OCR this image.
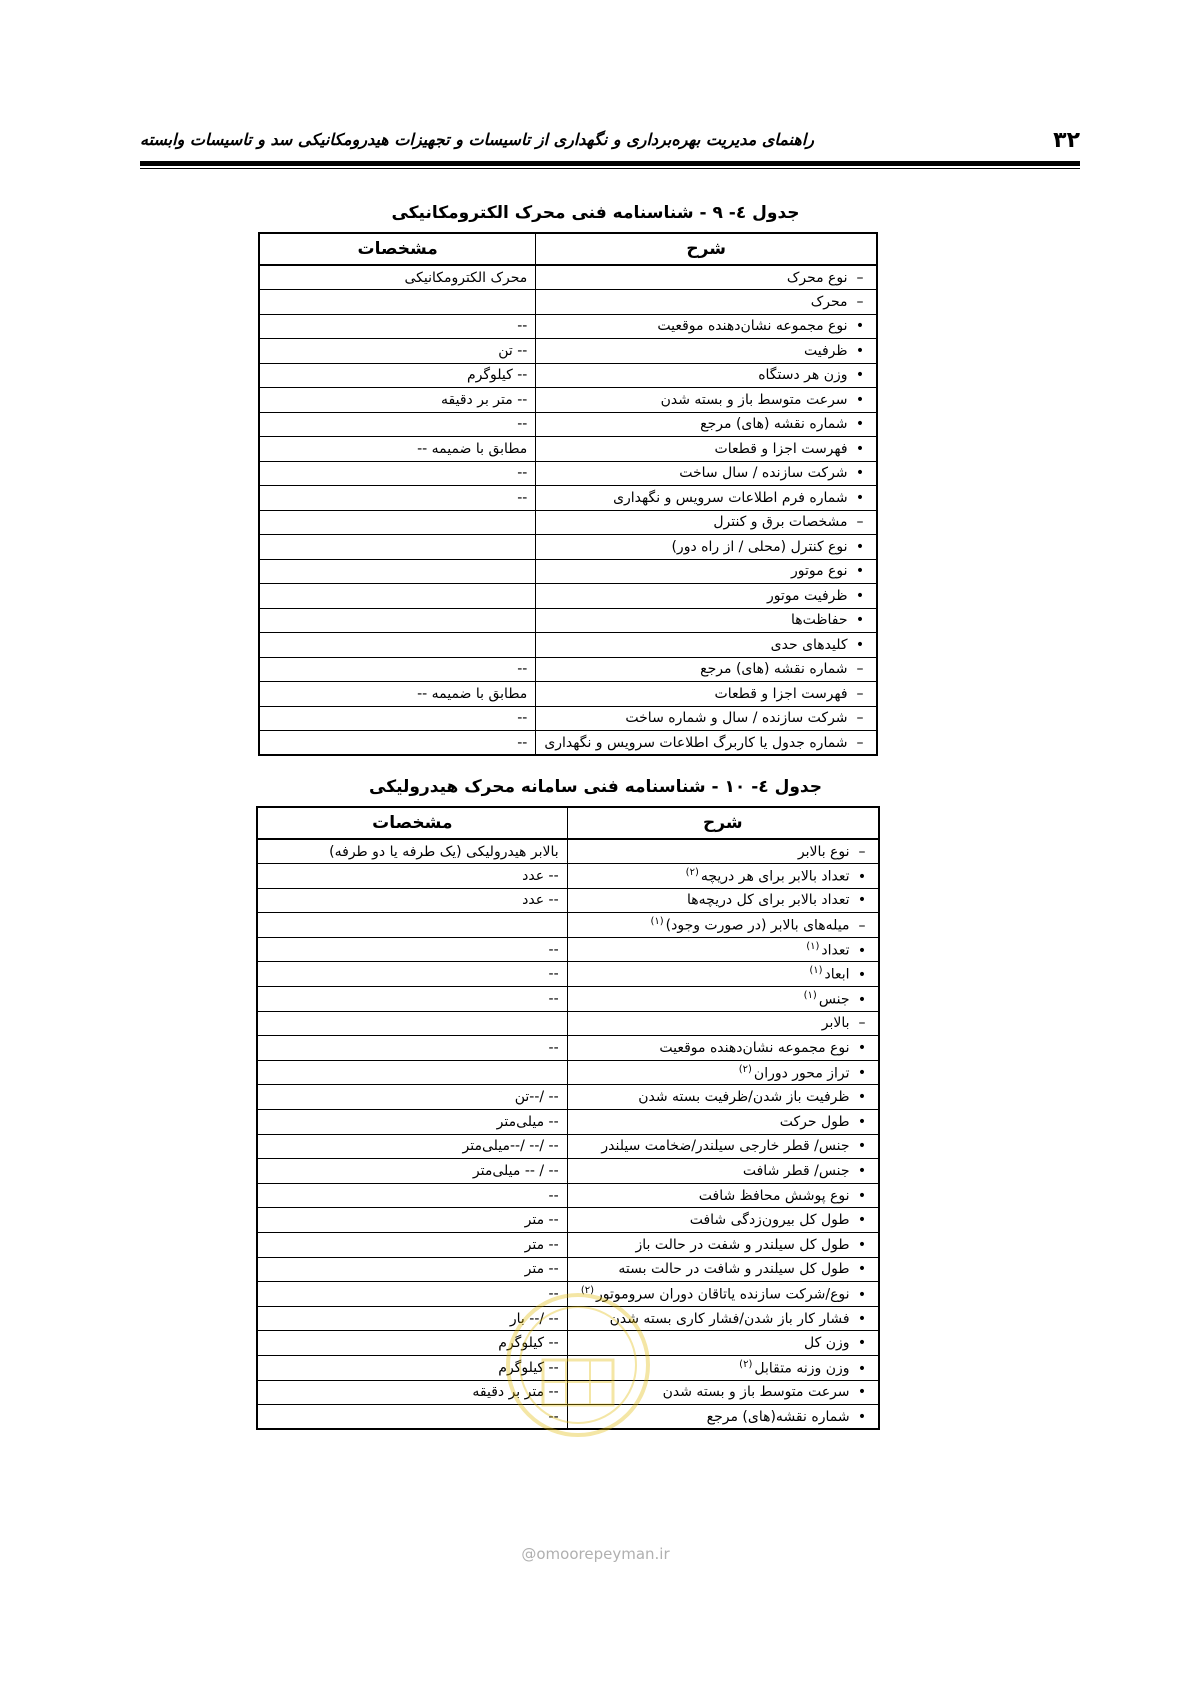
۳۲
راهنمای مدیریت بهره‌برداری و نگهداری از تاسیسات و تجهیزات هیدرومکانیکی سد و تاسیسات وابسته
جدول ٤- ٩ - شناسنامه فنی محرک الکترومکانیکی
شرح	مشخصات
– نوع محرک	محرک الکترومکانیکی
– محرک	
• نوع مجموعه نشان‌دهنده موقعیت	--
• ظرفیت	-- تن
• وزن هر دستگاه	-- کیلوگرم
• سرعت متوسط باز و بسته شدن	-- متر بر دقیقه
• شماره نقشه (های) مرجع	--
• فهرست اجزا و قطعات	مطابق با ضمیمه --
• شرکت سازنده / سال ساخت	--
• شماره فرم اطلاعات سرویس و نگهداری	--
– مشخصات برق و کنترل	
• نوع کنترل (محلی / از راه دور)	
• نوع موتور	
• ظرفیت موتور	
• حفاظت‌ها	
• کلیدهای حدی	
– شماره نقشه (های) مرجع	--
– فهرست اجزا و قطعات	مطابق با ضمیمه --
– شرکت سازنده / سال و شماره ساخت	--
– شماره جدول یا کاربرگ اطلاعات سرویس و نگهداری	--
جدول ٤- ١٠ - شناسنامه فنی سامانه محرک هیدرولیکی
شرح	مشخصات
– نوع بالابر	بالابر هیدرولیکی (یک طرفه یا دو طرفه)
• تعداد بالابر برای هر دریچه$^{(۲)}$	-- عدد
• تعداد بالابر برای کل دریچه‌ها	-- عدد
– میله‌های بالابر (در صورت وجود)$^{(۱)}$	
• تعداد$^{(۱)}$	--
• ابعاد$^{(۱)}$	--
• جنس$^{(۱)}$	--
– بالابر	
• نوع مجموعه نشان‌دهنده موقعیت	--
• تراز محور دوران$^{(۲)}$	
• ظرفیت باز شدن/ظرفیت بسته شدن	-- /--تن
• طول حرکت	-- میلی‌متر
• جنس/ قطر خارجی سیلندر/ضخامت سیلندر	-- /-- /--میلی‌متر
• جنس/ قطر شافت	-- / -- میلی‌متر
• نوع پوشش محافظ شافت	--
• طول کل بیرون‌زدگی شافت	-- متر
• طول کل سیلندر و شفت در حالت باز	-- متر
• طول کل سیلندر و شافت در حالت بسته	-- متر
• نوع/شرکت سازنده یاتاقان دوران سروموتور$^{(۲)}$	--
• فشار کار باز شدن/فشار کاری بسته شدن	-- /-- بار
• وزن کل	-- کیلوگرم
• وزن وزنه متقابل$^{(۲)}$	-- کیلوگرم
• سرعت متوسط باز و بسته شدن	-- متر بر دقیقه
• شماره نقشه(های) مرجع	--
@omoorepeyman.ir
